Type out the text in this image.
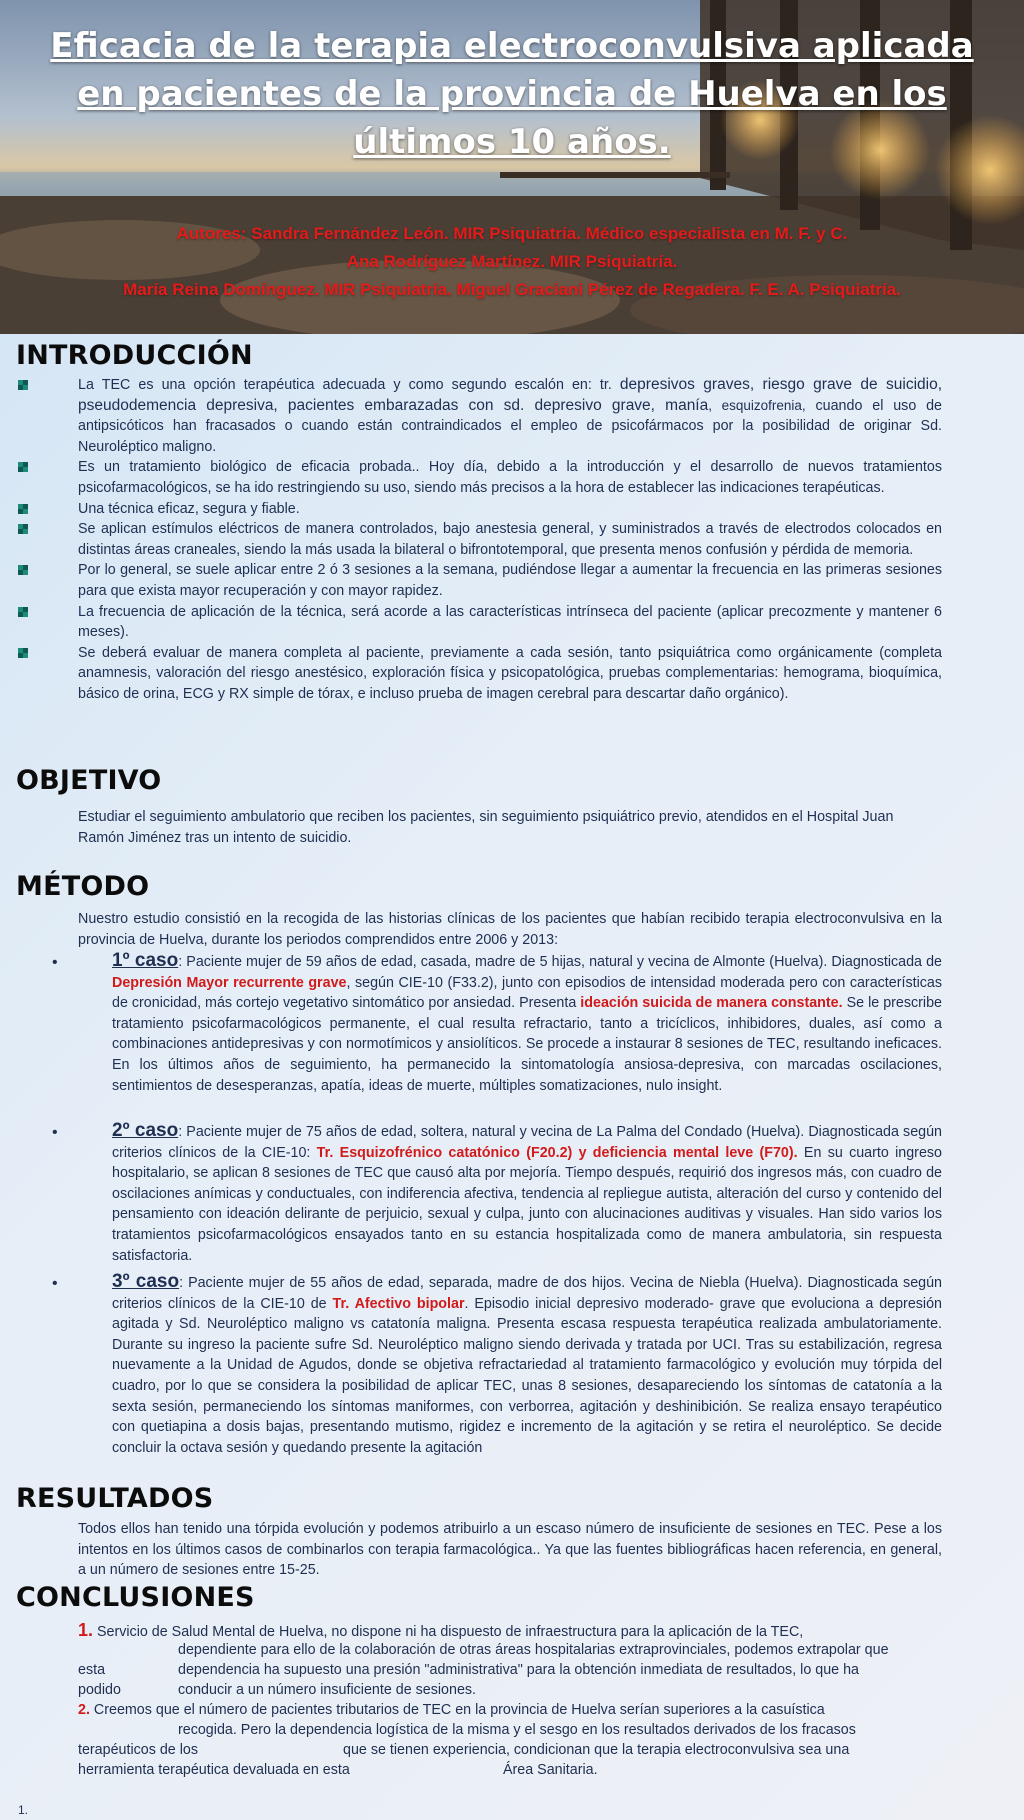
Eficacia de la terapia electroconvulsiva aplicada en pacientes de la provincia de Huelva en los últimos 10 años.
Autores: Sandra Fernández León. MIR Psiquiatría. Médico especialista en M. F. y C.
Ana Rodríguez Martínez. MIR Psiquiatría.
María Reina Domínguez. MIR Psiquiatría. Miguel Graciani Pérez de Regadera. F. E. A. Psiquiatría.
INTRODUCCIÓN
La TEC es una opción terapéutica adecuada y como segundo escalón en: tr. depresivos graves, riesgo grave de suicidio, pseudodemencia depresiva, pacientes embarazadas con sd. depresivo grave, manía, esquizofrenia, cuando el uso de antipsicóticos han fracasados o cuando están contraindicados el empleo de psicofármacos por la posibilidad de originar Sd. Neuroléptico maligno.
Es un tratamiento biológico de eficacia probada.. Hoy día, debido a la introducción y el desarrollo de nuevos tratamientos psicofarmacológicos, se ha ido restringiendo su uso, siendo más precisos a la hora de establecer las indicaciones terapéuticas.
Una técnica eficaz, segura y fiable.
Se aplican estímulos eléctricos de manera controlados, bajo anestesia general, y suministrados a través de electrodos colocados en distintas áreas craneales, siendo la más usada la bilateral o bifrontotemporal, que presenta menos confusión y pérdida de memoria.
Por lo general, se suele aplicar entre 2 ó 3 sesiones a la semana, pudiéndose llegar a aumentar la frecuencia en las primeras sesiones para que exista mayor recuperación y con mayor rapidez.
La frecuencia de aplicación de la técnica, será acorde a las características intrínseca del paciente (aplicar precozmente y mantener 6 meses).
Se deberá evaluar de manera completa al paciente, previamente a cada sesión, tanto psiquiátrica como orgánicamente (completa anamnesis, valoración del riesgo anestésico, exploración física y psicopatológica, pruebas complementarias: hemograma, bioquímica, básico de orina, ECG y RX simple de tórax, e incluso prueba de imagen cerebral para descartar daño orgánico).
OBJETIVO
Estudiar el seguimiento ambulatorio que reciben los pacientes, sin seguimiento psiquiátrico previo, atendidos en el Hospital Juan Ramón Jiménez tras un intento de suicidio.
MÉTODO
Nuestro estudio consistió en la recogida de las historias clínicas de los pacientes que habían recibido terapia electroconvulsiva en la provincia de Huelva, durante los periodos comprendidos entre 2006 y 2013:
•	1º caso: Paciente mujer de 59 años de edad, casada, madre de 5 hijas, natural y vecina de Almonte (Huelva). Diagnosticada de Depresión Mayor recurrente grave, según CIE-10 (F33.2), junto con episodios de intensidad moderada pero con características de cronicidad, más cortejo vegetativo sintomático por ansiedad. Presenta ideación suicida de manera constante. Se le prescribe tratamiento psicofarmacológicos permanente, el cual resulta refractario, tanto a tricíclicos, inhibidores, duales, así como a combinaciones antidepresivas y con normotímicos y ansiolíticos. Se procede a instaurar 8 sesiones de TEC, resultando ineficaces. En los últimos años de seguimiento, ha permanecido la sintomatología ansiosa-depresiva, con marcadas oscilaciones, sentimientos de desesperanzas, apatía, ideas de muerte, múltiples somatizaciones, nulo insight.
•	2º caso: Paciente mujer de 75 años de edad, soltera, natural y vecina de La Palma del Condado (Huelva). Diagnosticada según criterios clínicos de la CIE-10: Tr. Esquizofrénico catatónico (F20.2) y deficiencia mental leve (F70). En su cuarto ingreso hospitalario, se aplican 8 sesiones de TEC que causó alta por mejoría. Tiempo después, requirió dos ingresos más, con cuadro de oscilaciones anímicas y conductuales, con indiferencia afectiva, tendencia al repliegue autista, alteración del curso y contenido del pensamiento con ideación delirante de perjuicio, sexual y culpa, junto con alucinaciones auditivas y visuales. Han sido varios los tratamientos psicofarmacológicos ensayados tanto en su estancia hospitalizada como de manera ambulatoria, sin respuesta satisfactoria.
•	3º caso: Paciente mujer de 55 años de edad, separada, madre de dos hijos. Vecina de Niebla (Huelva). Diagnosticada según criterios clínicos de la CIE-10 de Tr. Afectivo bipolar. Episodio inicial depresivo moderado- grave que evoluciona a depresión agitada y Sd. Neuroléptico maligno vs catatonía maligna. Presenta escasa respuesta terapéutica realizada ambulatoriamente. Durante su ingreso la paciente sufre Sd. Neuroléptico maligno siendo derivada y tratada por UCI. Tras su estabilización, regresa nuevamente a la Unidad de Agudos, donde se objetiva refractariedad al tratamiento farmacológico y evolución muy tórpida del cuadro, por lo que se considera la posibilidad de aplicar TEC, unas 8 sesiones, desapareciendo los síntomas de catatonía a la sexta sesión, permaneciendo los síntomas maniformes, con verborrea, agitación y deshinibición. Se realiza ensayo terapéutico con quetiapina a dosis bajas, presentando mutismo, rigidez e incremento de la agitación y se retira el neuroléptico. Se decide concluir la octava sesión y quedando presente la agitación
RESULTADOS
Todos ellos han tenido una tórpida evolución y podemos atribuirlo a un escaso número de insuficiente de sesiones en TEC. Pese a los intentos en los últimos casos de combinarlos con terapia farmacológica.. Ya que las fuentes bibliográficas hacen referencia, en general, a un número de sesiones entre 15-25.
CONCLUSIONES
1. Servicio de Salud Mental de Huelva, no dispone ni ha dispuesto de infraestructura para la aplicación de la TEC,
dependiente para ello de la colaboración de otras áreas hospitalarias extraprovinciales, podemos extrapolar que
esta	dependencia ha supuesto una presión "administrativa" para la obtención inmediata de resultados, lo que ha
podido	conducir a un número insuficiente de sesiones.
2. Creemos que el número de pacientes tributarios de TEC en la provincia de Huelva serían superiores a la casuística
recogida. Pero la dependencia logística de la misma y el sesgo en los resultados derivados de los fracasos
terapéuticos de los	que se tienen experiencia, condicionan que la terapia electroconvulsiva sea una
herramienta terapéutica devaluada en esta	Área Sanitaria.
1.
